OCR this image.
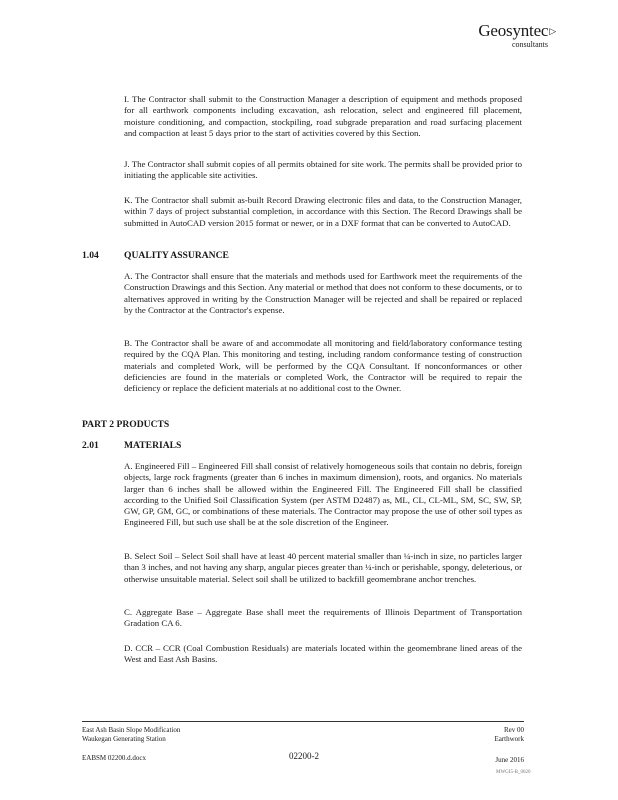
Geosyntec▷
consultants

I. The Contractor shall submit to the Construction Manager a description of equipment and methods proposed for all earthwork components including excavation, ash relocation, select and engineered fill placement, moisture conditioning, and compaction, stockpiling, road subgrade preparation and road surfacing placement and compaction at least 5 days prior to the start of activities covered by this Section.

J. The Contractor shall submit copies of all permits obtained for site work. The permits shall be provided prior to initiating the applicable site activities.

K. The Contractor shall submit as-built Record Drawing electronic files and data, to the Construction Manager, within 7 days of project substantial completion, in accordance with this Section. The Record Drawings shall be submitted in AutoCAD version 2015 format or newer, or in a DXF format that can be converted to AutoCAD.

1.04	QUALITY ASSURANCE

A. The Contractor shall ensure that the materials and methods used for Earthwork meet the requirements of the Construction Drawings and this Section. Any material or method that does not conform to these documents, or to alternatives approved in writing by the Construction Manager will be rejected and shall be repaired or replaced by the Contractor at the Contractor's expense.

B. The Contractor shall be aware of and accommodate all monitoring and field/laboratory conformance testing required by the CQA Plan. This monitoring and testing, including random conformance testing of construction materials and completed Work, will be performed by the CQA Consultant. If nonconformances or other deficiencies are found in the materials or completed Work, the Contractor will be required to repair the deficiency or replace the deficient materials at no additional cost to the Owner.

PART 2 PRODUCTS
2.01	MATERIALS

A. Engineered Fill – Engineered Fill shall consist of relatively homogeneous soils that contain no debris, foreign objects, large rock fragments (greater than 6 inches in maximum dimension), roots, and organics. No materials larger than 6 inches shall be allowed within the Engineered Fill. The Engineered Fill shall be classified according to the Unified Soil Classification System (per ASTM D2487) as, ML, CL, CL-ML, SM, SC, SW, SP, GW, GP, GM, GC, or combinations of these materials. The Contractor may propose the use of other soil types as Engineered Fill, but such use shall be at the sole discretion of the Engineer.

B. Select Soil – Select Soil shall have at least 40 percent material smaller than ¼-inch in size, no particles larger than 3 inches, and not having any sharp, angular pieces greater than ¼-inch or perishable, spongy, deleterious, or otherwise unsuitable material. Select soil shall be utilized to backfill geomembrane anchor trenches.

C. Aggregate Base – Aggregate Base shall meet the requirements of Illinois Department of Transportation Gradation CA 6.

D. CCR – CCR (Coal Combustion Residuals) are materials located within the geomembrane lined areas of the West and East Ash Basins.

East Ash Basin Slope Modification
Waukegan Generating Station
Rev 00
Earthwork
EABSM 02200.d.docx	02200-2	June 2016
MWGI5-B_0020
